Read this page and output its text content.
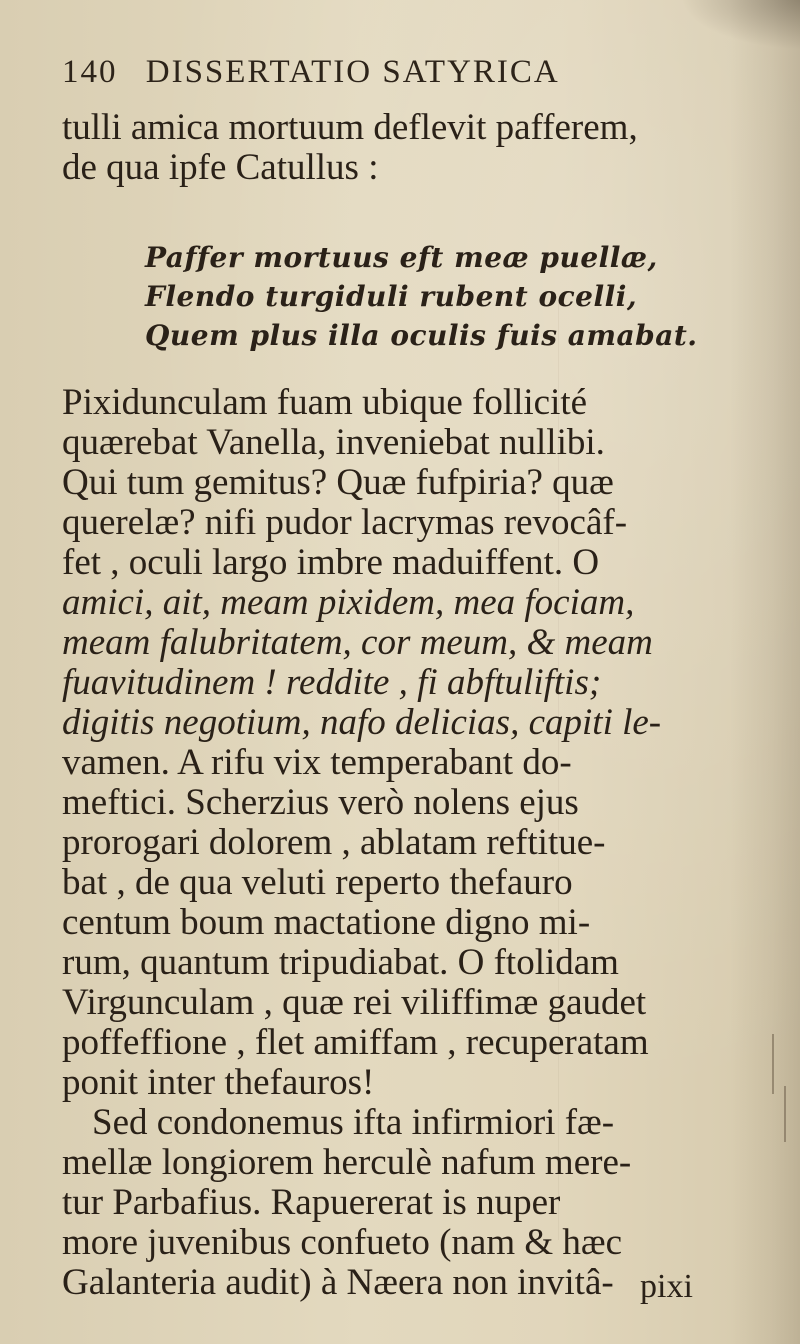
140 DISSERTATIO SATYRICA
tulli amica mortuum deflevit pafferem,
de qua ipfe Catullus :
Paffer mortuus eft meæ puellæ,
Flendo turgiduli rubent ocelli,
Quem plus illa oculis fuis amabat.
Pixidunculam fuam ubique follicité
quærebat Vanella, inveniebat nullibi.
Qui tum gemitus? Quæ fufpiria? quæ
querelæ? nifi pudor lacrymas revocâf-
fet , oculi largo imbre maduiffent. O
amici, ait, meam pixidem, mea fociam,
meam falubritatem, cor meum, & meam
fuavitudinem ! reddite , fi abftuliftis;
digitis negotium, nafo delicias, capiti le-
vamen. A rifu vix temperabant do-
meftici. Scherzius verò nolens ejus
prorogari dolorem , ablatam reftitue-
bat , de qua veluti reperto thefauro
centum boum mactatione digno mi-
rum, quantum tripudiabat. O ftolidam
Virgunculam , quæ rei viliffimæ gaudet
poffeffione , flet amiffam , recuperatam
ponit inter thefauros!
Sed condonemus ifta infirmiori fæ-
mellæ longiorem herculè nafum mere-
tur Parbafius. Rapuererat is nuper
more juvenibus confueto (nam & hæc
Galanteria audit) à Næera non invitâ- pixi
